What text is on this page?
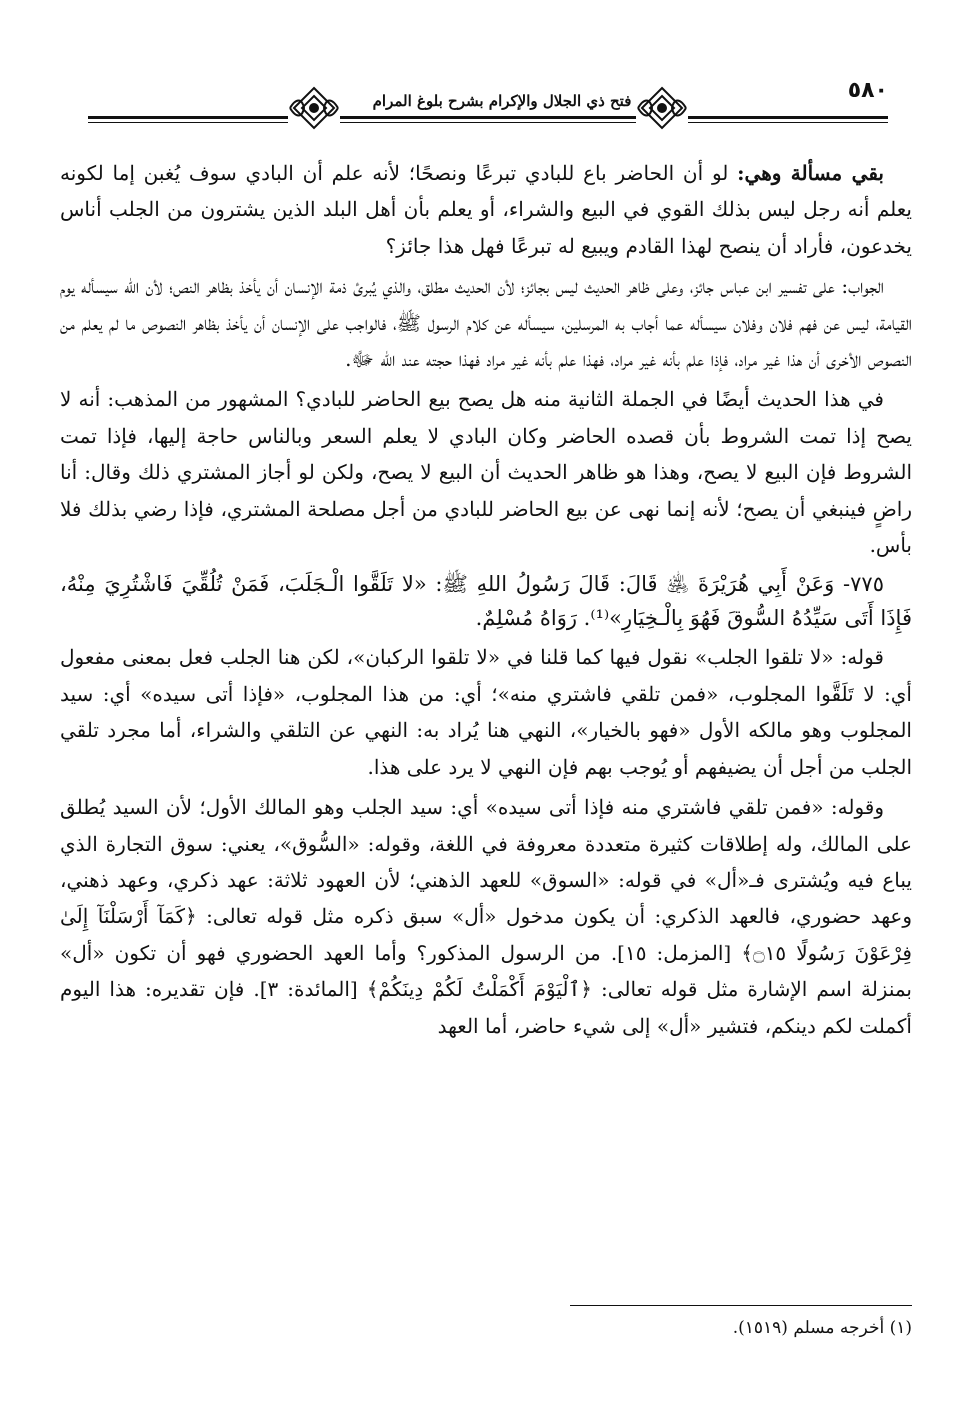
فتح ذي الجلال والإكرام بشرح بلوغ المرام	٥٨٠

بقي مسألة وهي: لو أن الحاضر باع للبادي تبرعًا ونصحًا؛ لأنه علم أن البادي سوف يُغبن إما لكونه يعلم أنه رجل ليس بذلك القوي في البيع والشراء، أو يعلم بأن أهل البلد الذين يشترون من الجلب أناس يخدعون، فأراد أن ينصح لهذا القادم ويبيع له تبرعًا فهل هذا جائز؟

الجواب: على تفسير ابن عباس جائز، وعلى ظاهر الحديث ليس بجائز؛ لأن الحديث مطلق، والذي يُبرئ ذمة الإنسان أن يأخذ بظاهر النص؛ لأن الله سيسأله يوم القيامة، ليس عن فهم فلان وفلان سيسأله عما أجاب به المرسلين، سيسأله عن كلام الرسول ﷺ، فالواجب على الإنسان أن يأخذ بظاهر النصوص ما لم يعلم من النصوص الأخرى أن هذا غير مراد، فإذا علم بأنه غير مراد، فهذا علم بأنه غير مراد فهذا حجته عند الله ﷻ.

في هذا الحديث أيضًا في الجملة الثانية منه هل يصح بيع الحاضر للبادي؟ المشهور من المذهب: أنه لا يصح إذا تمت الشروط بأن قصده الحاضر وكان البادي لا يعلم السعر وبالناس حاجة إليها، فإذا تمت الشروط فإن البيع لا يصح، وهذا هو ظاهر الحديث أن البيع لا يصح، ولكن لو أجاز المشتري ذلك وقال: أنا راضٍ فينبغي أن يصح؛ لأنه إنما نهى عن بيع الحاضر للبادي من أجل مصلحة المشتري، فإذا رضي بذلك فلا بأس.

٧٧٥- وَعَنْ أَبِي هُرَيْرَةَ ﵁ قَالَ: قَالَ رَسُولُ اللهِ ﷺ: «لا تَلَقَّوا الْـجَلَبَ، فَمَنْ تُلُقِّيَ فَاشْتُرِيَ مِنْهُ، فَإِذَا أَتَى سَيِّدُهُ السُّوقَ فَهُوَ بِالْـخِيَارِ»⁽¹⁾. رَوَاهُ مُسْلِمٌ.

قوله: «لا تلقوا الجلب» نقول فيها كما قلنا في «لا تلقوا الركبان»، لكن هنا الجلب فعل بمعنى مفعول أي: لا تَلَقَّوا المجلوب، «فمن تلقي فاشتري منه»؛ أي: من هذا المجلوب، «فإذا أتى سيده» أي: سيد المجلوب وهو مالكه الأول «فهو بالخيار»، النهي هنا يُراد به: النهي عن التلقي والشراء، أما مجرد تلقي الجلب من أجل أن يضيفهم أو يُوجب بهم فإن النهي لا يرد على هذا.

وقوله: «فمن تلقي فاشتري منه فإذا أتى سيده» أي: سيد الجلب وهو المالك الأول؛ لأن السيد يُطلق على المالك، وله إطلاقات كثيرة متعددة معروفة في اللغة، وقوله: «السُّوق»، يعني: سوق التجارة الذي يباع فيه ويُشترى فـ«أل» في قوله: «السوق» للعهد الذهني؛ لأن العهود ثلاثة: عهد ذكري، وعهد ذهني، وعهد حضوري، فالعهد الذكري: أن يكون مدخول «أل» سبق ذكره مثل قوله تعالى: ﴿كَمَآ أَرْسَلْنَآ إِلَىٰ فِرْعَوْنَ رَسُولًا ۝١٥﴾ [المزمل: ١٥]. من الرسول المذكور؟ وأما العهد الحضوري فهو أن تكون «أل» بمنزلة اسم الإشارة مثل قوله تعالى: ﴿ٱلْيَوْمَ أَكْمَلْتُ لَكُمْ دِينَكُمْ﴾ [المائدة: ٣]. فإن تقديره: هذا اليوم أكملت لكم دينكم، فتشير «أل» إلى شيء حاضر، أما العهد

(١) أخرجه مسلم (١٥١٩).
